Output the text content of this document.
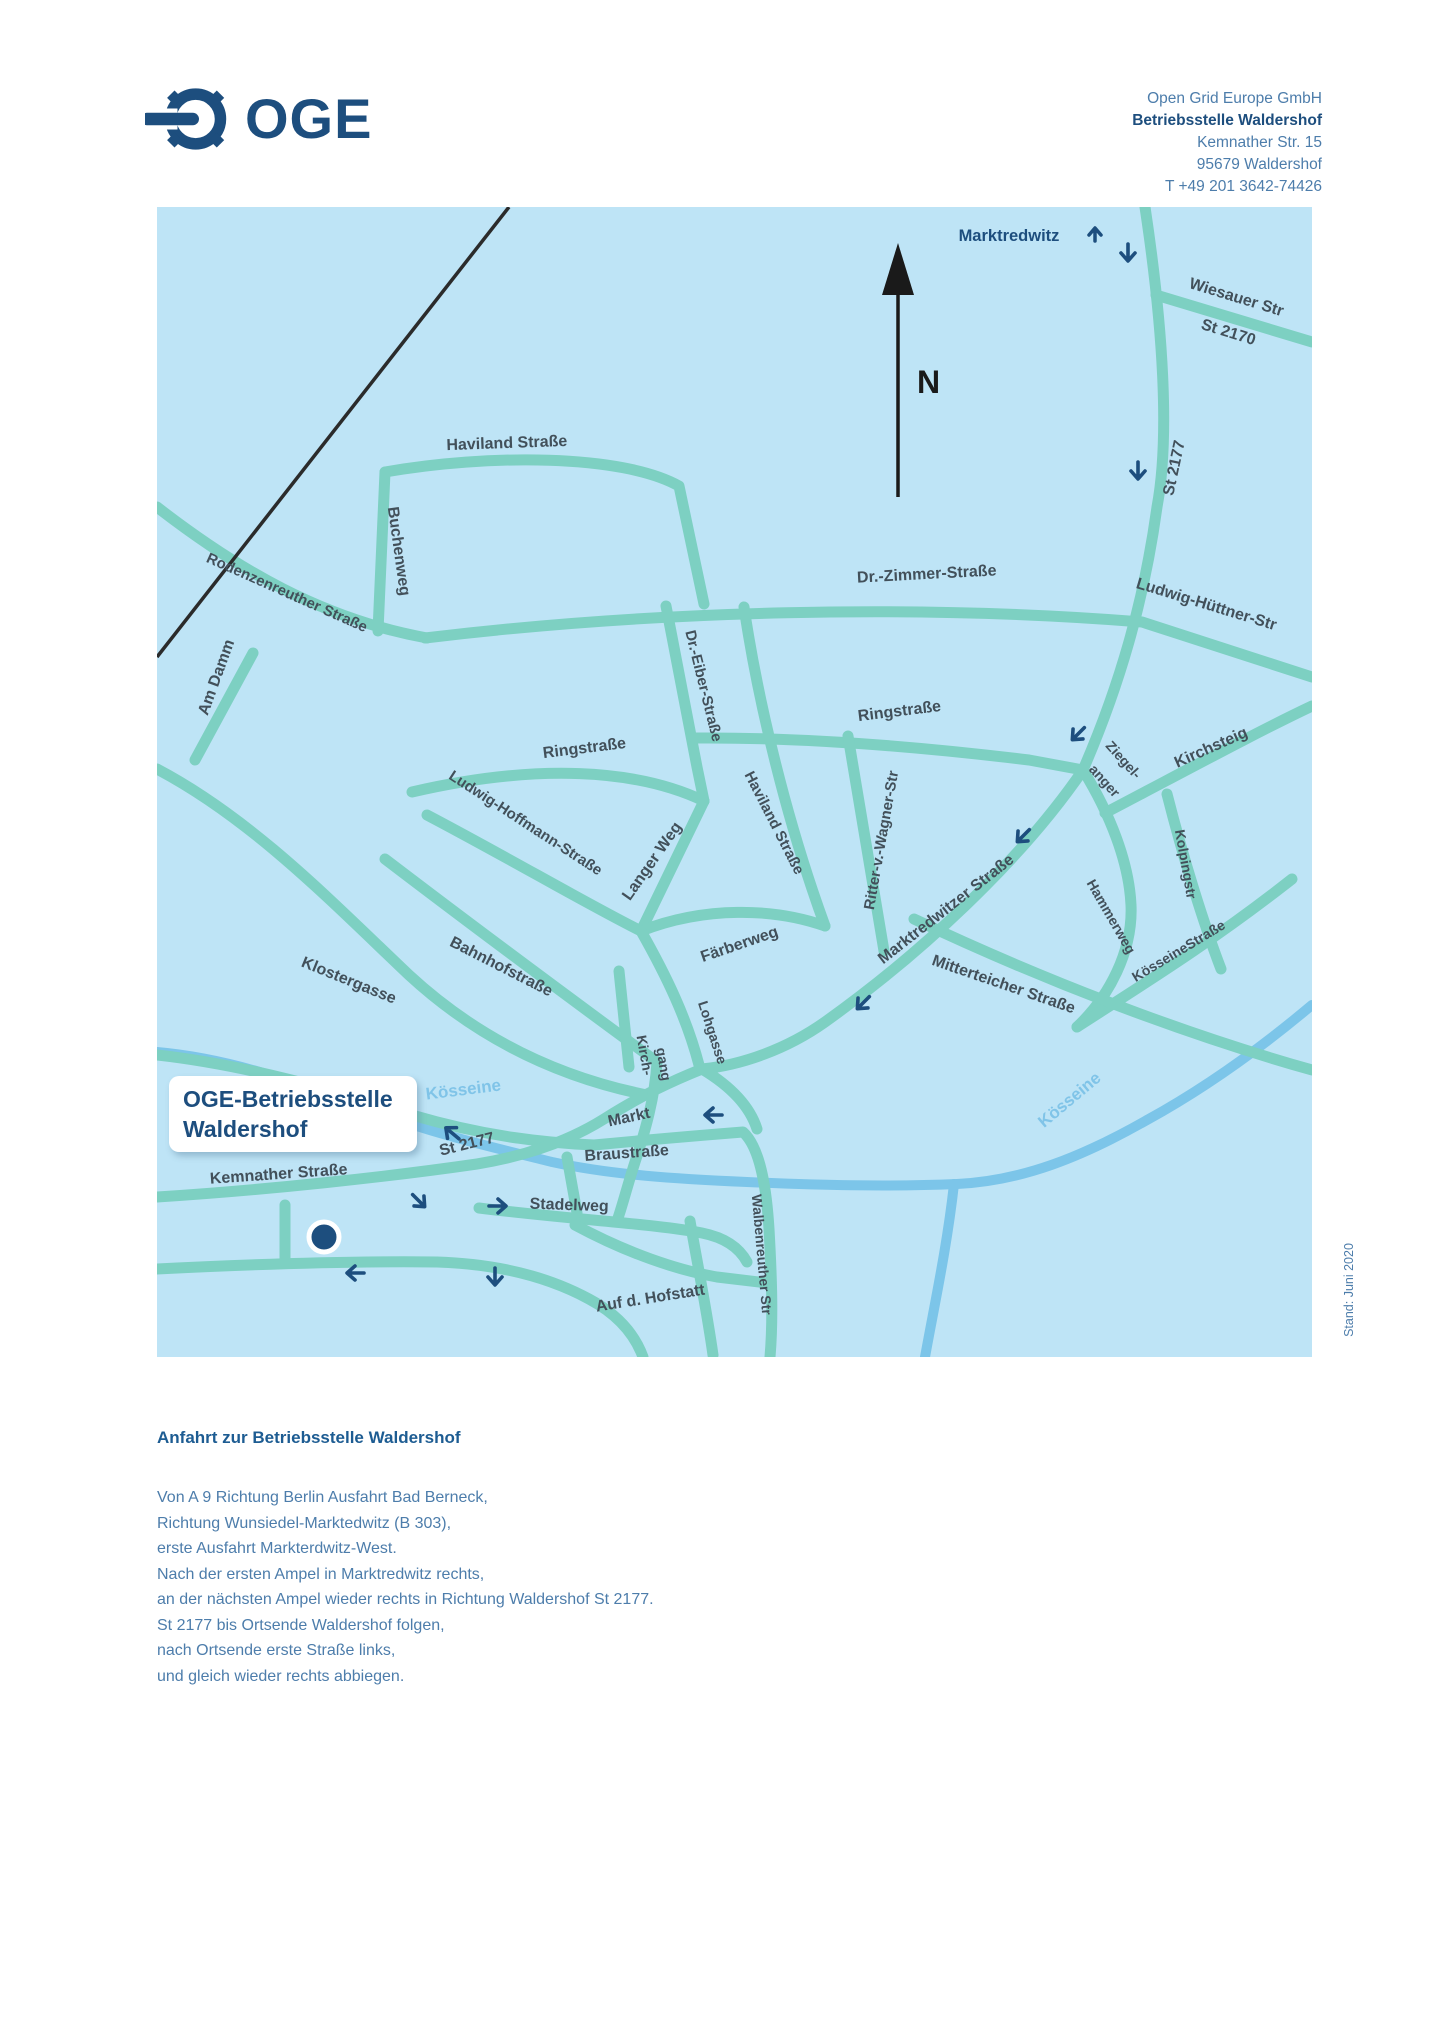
OGE	Open Grid Europe GmbH
Betriebsstelle Waldershof
Kemnather Str. 15
95679 Waldershof
T +49 201 3642-74426
N
Marktredwitz
Haviland Straße
Buchenweg
Rodenzenreuther Straße
Am Damm
Dr.-Zimmer-Straße
Ludwig-Hüttner-Str
Wiesauer Str
St 2170
St 2177
Ringstraße
Ringstraße
Dr.-Eiber-Straße
Langer Weg
Ludwig-Hoffmann-Straße	Haviland Straße	Ritter-v.-Wagner-Str
Färberweg	Marktredwitzer Straße	Hammerweg
Ziegel-
anger
Kirchsteig
Kolpingstr
KösseineStraße
Mitterteicher Straße
Klostergasse	Bahnhofstraße
Lohgasse
Kirch-
gang
Markt
Braustraße
St 2177
Kemnather Straße
Stadelweg
Auf d. Hofstatt	Walbenreuther Str
Kösseine	Kösseine
OGE-Betriebsstelle
Waldershof
Stand: Juni 2020
Anfahrt zur Betriebsstelle Waldershof
Von A 9 Richtung Berlin Ausfahrt Bad Berneck,
Richtung Wunsiedel-Marktedwitz (B 303),
erste Ausfahrt Markterdwitz-West.
Nach der ersten Ampel in Marktredwitz rechts,
an der nächsten Ampel wieder rechts in Richtung Waldershof St 2177.
St 2177 bis Ortsende Waldershof folgen,
nach Ortsende erste Straße links,
und gleich wieder rechts abbiegen.
